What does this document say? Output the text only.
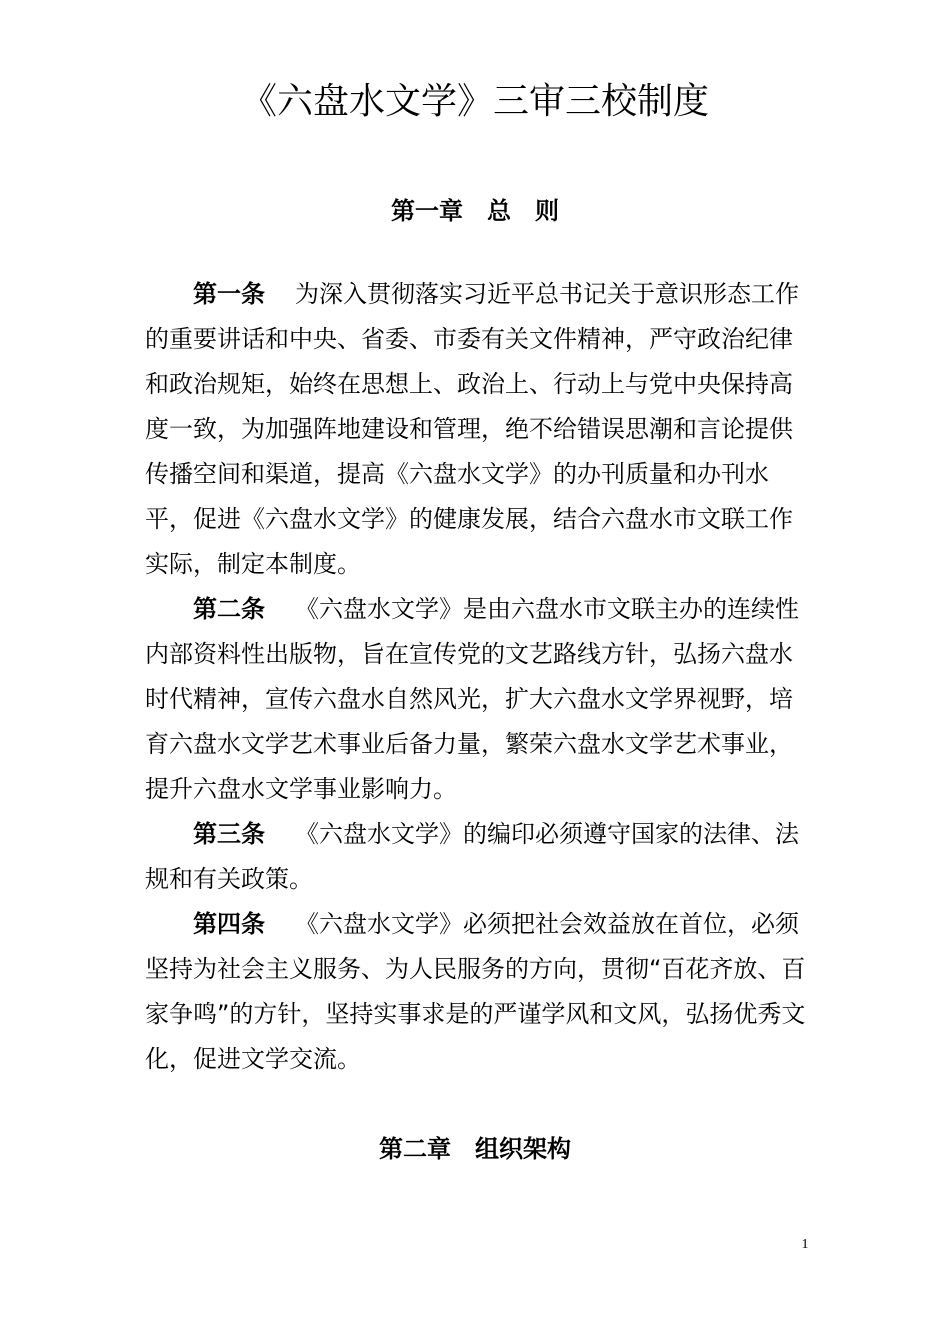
《六盘水文学》三审三校制度
第一章　总　则

第一条 为深入贯彻落实习近平总书记关于意识形态工作的重要讲话和中央、省委、市委有关文件精神，严守政治纪律和政治规矩，始终在思想上、政治上、行动上与党中央保持高度一致，为加强阵地建设和管理，绝不给错误思潮和言论提供传播空间和渠道，提高《六盘水文学》的办刊质量和办刊水平，促进《六盘水文学》的健康发展，结合六盘水市文联工作实际，制定本制度。

第二条 《六盘水文学》是由六盘水市文联主办的连续性内部资料性出版物，旨在宣传党的文艺路线方针，弘扬六盘水时代精神，宣传六盘水自然风光，扩大六盘水文学界视野，培育六盘水文学艺术事业后备力量，繁荣六盘水文学艺术事业，提升六盘水文学事业影响力。

第三条 《六盘水文学》的编印必须遵守国家的法律、法规和有关政策。

第四条 《六盘水文学》必须把社会效益放在首位，必须坚持为社会主义服务、为人民服务的方向，贯彻“百花齐放、百家争鸣”的方针，坚持实事求是的严谨学风和文风，弘扬优秀文化，促进文学交流。

第二章　组织架构
1
